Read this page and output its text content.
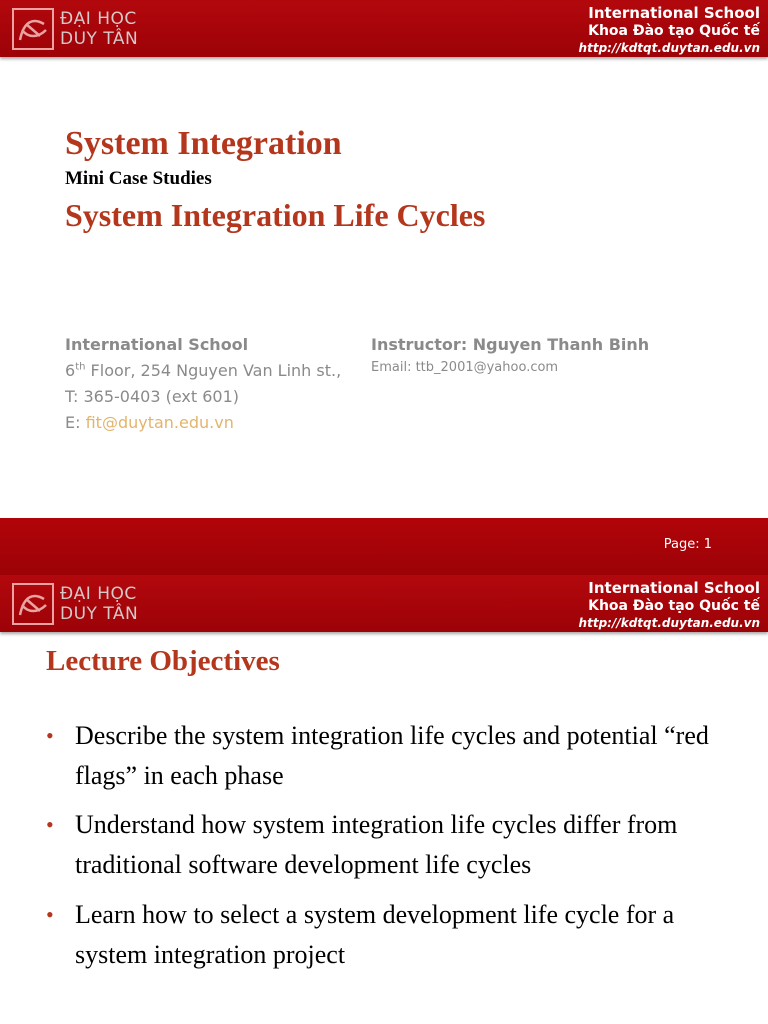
ĐẠI HỌC
DUY TÂN
International School
Khoa Đào tạo Quốc tế
http://kdtqt.duytan.edu.vn
System Integration
Mini Case Studies
System Integration Life Cycles
International School
6th Floor, 254 Nguyen Van Linh st.,
T: 365-0403 (ext 601)
E: fit@duytan.edu.vn
Instructor: Nguyen Thanh Binh
Email: ttb_2001@yahoo.com
Page: 1
ĐẠI HỌC
DUY TÂN
International School
Khoa Đào tạo Quốc tế
http://kdtqt.duytan.edu.vn
Lecture Objectives
• Describe the system integration life cycles and potential “red flags” in each phase
• Understand how system integration life cycles differ from traditional software development life cycles
• Learn how to select a system development life cycle for a system integration project
